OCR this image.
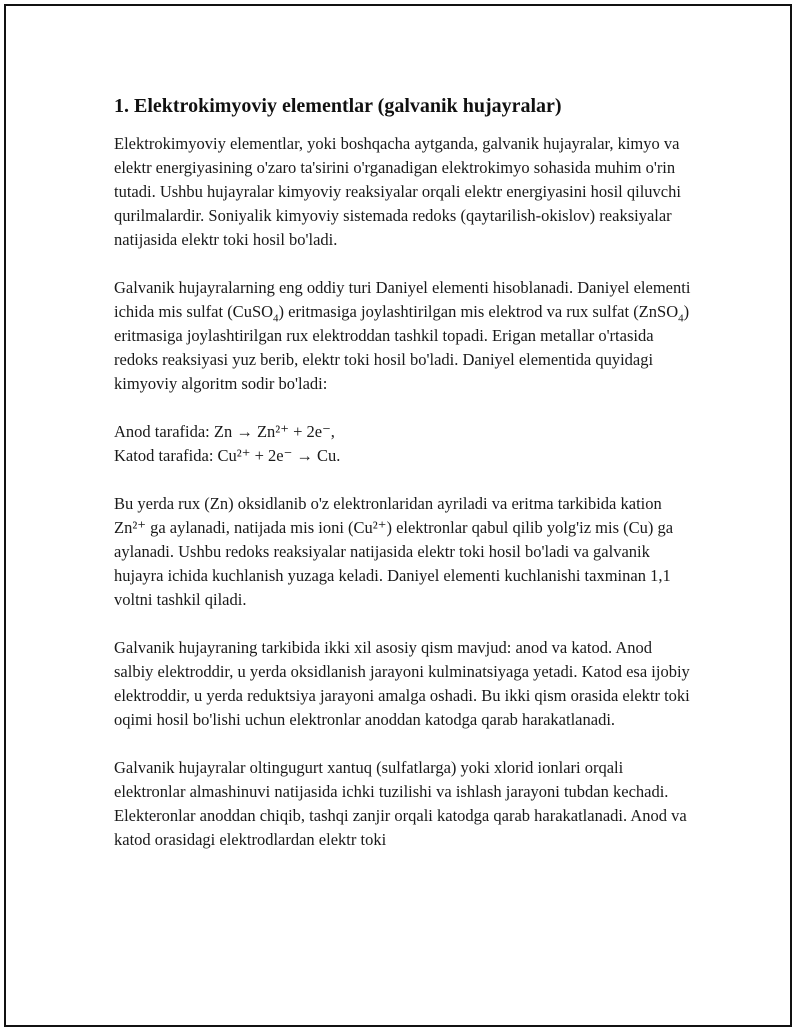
1. Elektrokimyoviy elementlar (galvanik hujayralar)

Elektrokimyoviy elementlar, yoki boshqacha aytganda, galvanik hujayralar, kimyo va elektr energiyasining o'zaro ta'sirini o'rganadigan elektrokimyo sohasida muhim o'rin tutadi. Ushbu hujayralar kimyoviy reaksiyalar orqali elektr energiyasini hosil qiluvchi qurilmalardir. Soniyalik kimyoviy sistemada redoks (qaytarilish-okislov) reaksiyalar natijasida elektr toki hosil bo'ladi.

Galvanik hujayralarning eng oddiy turi Daniyel elementi hisoblanadi. Daniyel elementi ichida mis sulfat (CuSO$_4$) eritmasiga joylashtirilgan mis elektrod va rux sulfat (ZnSO$_4$) eritmasiga joylashtirilgan rux elektroddan tashkil topadi. Erigan metallar o'rtasida redoks reaksiyasi yuz berib, elektr toki hosil bo'ladi. Daniyel elementida quyidagi kimyoviy algoritm sodir bo'ladi:

Anod tarafida: Zn → Zn²⁺ + 2e⁻,
Katod tarafida: Cu²⁺ + 2e⁻ → Cu.

Bu yerda rux (Zn) oksidlanib o'z elektronlaridan ayriladi va eritma tarkibida kation Zn²⁺ ga aylanadi, natijada mis ioni (Cu²⁺) elektronlar qabul qilib yolg'iz mis (Cu) ga aylanadi. Ushbu redoks reaksiyalar natijasida elektr toki hosil bo'ladi va galvanik hujayra ichida kuchlanish yuzaga keladi. Daniyel elementi kuchlanishi taxminan 1,1 voltni tashkil qiladi.

Galvanik hujayraning tarkibida ikki xil asosiy qism mavjud: anod va katod. Anod salbiy elektroddir, u yerda oksidlanish jarayoni kulminatsiyaga yetadi. Katod esa ijobiy elektroddir, u yerda reduktsiya jarayoni amalga oshadi. Bu ikki qism orasida elektr toki oqimi hosil bo'lishi uchun elektronlar anoddan katodga qarab harakatlanadi.

Galvanik hujayralar oltingugurt xantuq (sulfatlarga) yoki xlorid ionlari orqali elektronlar almashinuvi natijasida ichki tuzilishi va ishlash jarayoni tubdan kechadi. Elekteronlar anoddan chiqib, tashqi zanjir orqali katodga qarab harakatlanadi. Anod va katod orasidagi elektrodlardan elektr toki
